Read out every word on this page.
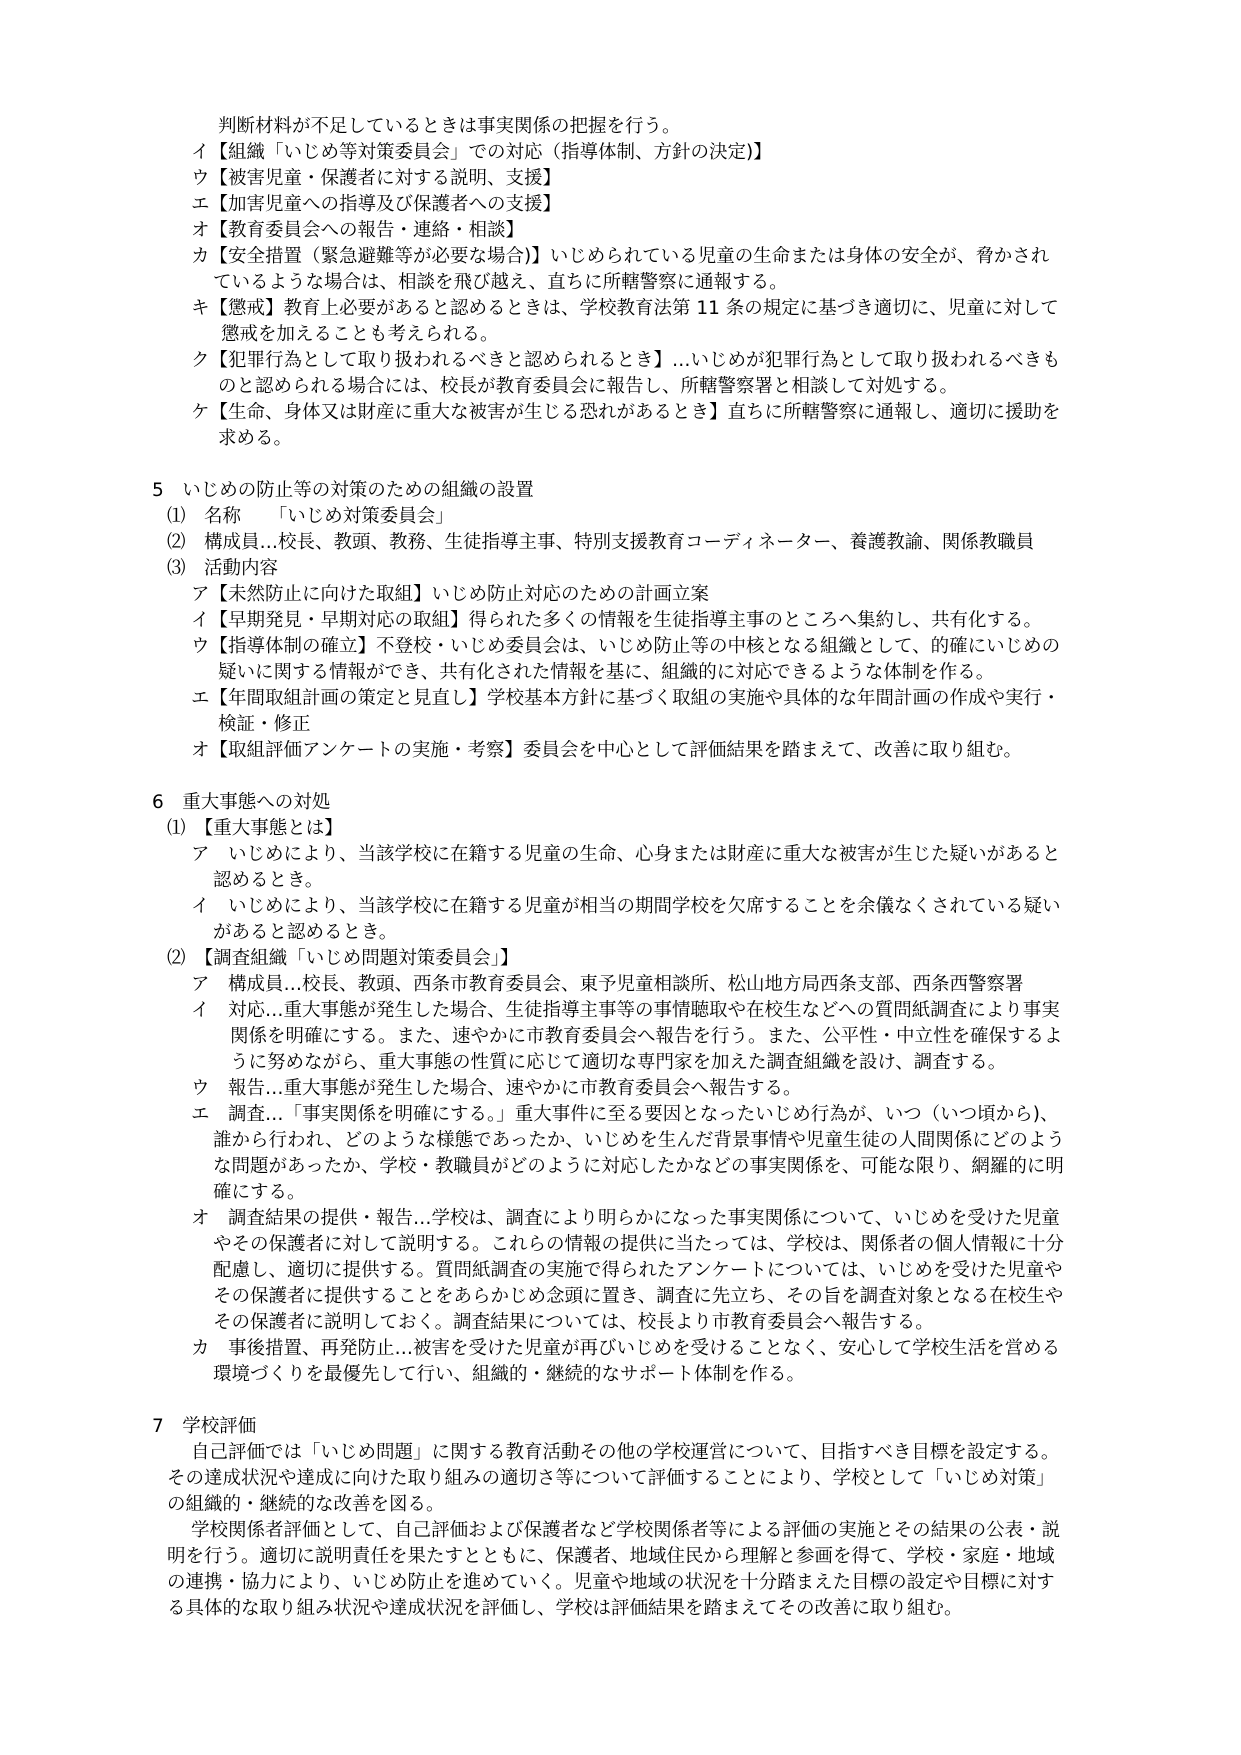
判断材料が不足しているときは事実関係の把握を行う。
イ【組織「いじめ等対策委員会」での対応（指導体制、方針の決定)】
ウ【被害児童・保護者に対する説明、支援】
エ【加害児童への指導及び保護者への支援】
オ【教育委員会への報告・連絡・相談】
カ【安全措置（緊急避難等が必要な場合)】いじめられている児童の生命または身体の安全が、脅かされ
ているような場合は、相談を飛び越え、直ちに所轄警察に通報する。
キ【懲戒】教育上必要があると認めるときは、学校教育法第 11 条の規定に基づき適切に、児童に対して
懲戒を加えることも考えられる。
ク【犯罪行為として取り扱われるべきと認められるとき】…いじめが犯罪行為として取り扱われるべきも
のと認められる場合には、校長が教育委員会に報告し、所轄警察署と相談して対処する。
ケ【生命、身体又は財産に重大な被害が生じる恐れがあるとき】直ちに所轄警察に通報し、適切に援助を
求める。
5　いじめの防止等の対策のための組織の設置
⑴　名称　　「いじめ対策委員会」
⑵　構成員…校長、教頭、教務、生徒指導主事、特別支援教育コーディネーター、養護教諭、関係教職員
⑶　活動内容
ア【未然防止に向けた取組】いじめ防止対応のための計画立案
イ【早期発見・早期対応の取組】得られた多くの情報を生徒指導主事のところへ集約し、共有化する。
ウ【指導体制の確立】不登校・いじめ委員会は、いじめ防止等の中核となる組織として、的確にいじめの
疑いに関する情報ができ、共有化された情報を基に、組織的に対応できるような体制を作る。
エ【年間取組計画の策定と見直し】学校基本方針に基づく取組の実施や具体的な年間計画の作成や実行・
検証・修正
オ【取組評価アンケートの実施・考察】委員会を中心として評価結果を踏まえて、改善に取り組む。
6　重大事態への対処
⑴　【重大事態とは】
ア　いじめにより、当該学校に在籍する児童の生命、心身または財産に重大な被害が生じた疑いがあると
認めるとき。
イ　いじめにより、当該学校に在籍する児童が相当の期間学校を欠席することを余儀なくされている疑い
があると認めるとき。
⑵　【調査組織「いじめ問題対策委員会」】
ア　構成員…校長、教頭、西条市教育委員会、東予児童相談所、松山地方局西条支部、西条西警察署
イ　対応…重大事態が発生した場合、生徒指導主事等の事情聴取や在校生などへの質問紙調査により事実
関係を明確にする。また、速やかに市教育委員会へ報告を行う。また、公平性・中立性を確保するよ
うに努めながら、重大事態の性質に応じて適切な専門家を加えた調査組織を設け、調査する。
ウ　報告…重大事態が発生した場合、速やかに市教育委員会へ報告する。
エ　調査…「事実関係を明確にする。」重大事件に至る要因となったいじめ行為が、いつ（いつ頃から)、
誰から行われ、どのような様態であったか、いじめを生んだ背景事情や児童生徒の人間関係にどのよう
な問題があったか、学校・教職員がどのように対応したかなどの事実関係を、可能な限り、網羅的に明
確にする。
オ　調査結果の提供・報告…学校は、調査により明らかになった事実関係について、いじめを受けた児童
やその保護者に対して説明する。これらの情報の提供に当たっては、学校は、関係者の個人情報に十分
配慮し、適切に提供する。質問紙調査の実施で得られたアンケートについては、いじめを受けた児童や
その保護者に提供することをあらかじめ念頭に置き、調査に先立ち、その旨を調査対象となる在校生や
その保護者に説明しておく。調査結果については、校長より市教育委員会へ報告する。
カ　事後措置、再発防止…被害を受けた児童が再びいじめを受けることなく、安心して学校生活を営める
環境づくりを最優先して行い、組織的・継続的なサポート体制を作る。
7　学校評価
自己評価では「いじめ問題」に関する教育活動その他の学校運営について、目指すべき目標を設定する。
その達成状況や達成に向けた取り組みの適切さ等について評価することにより、学校として「いじめ対策」
の組織的・継続的な改善を図る。
学校関係者評価として、自己評価および保護者など学校関係者等による評価の実施とその結果の公表・説
明を行う。適切に説明責任を果たすとともに、保護者、地域住民から理解と参画を得て、学校・家庭・地域
の連携・協力により、いじめ防止を進めていく。児童や地域の状況を十分踏まえた目標の設定や目標に対す
る具体的な取り組み状況や達成状況を評価し、学校は評価結果を踏まえてその改善に取り組む。
